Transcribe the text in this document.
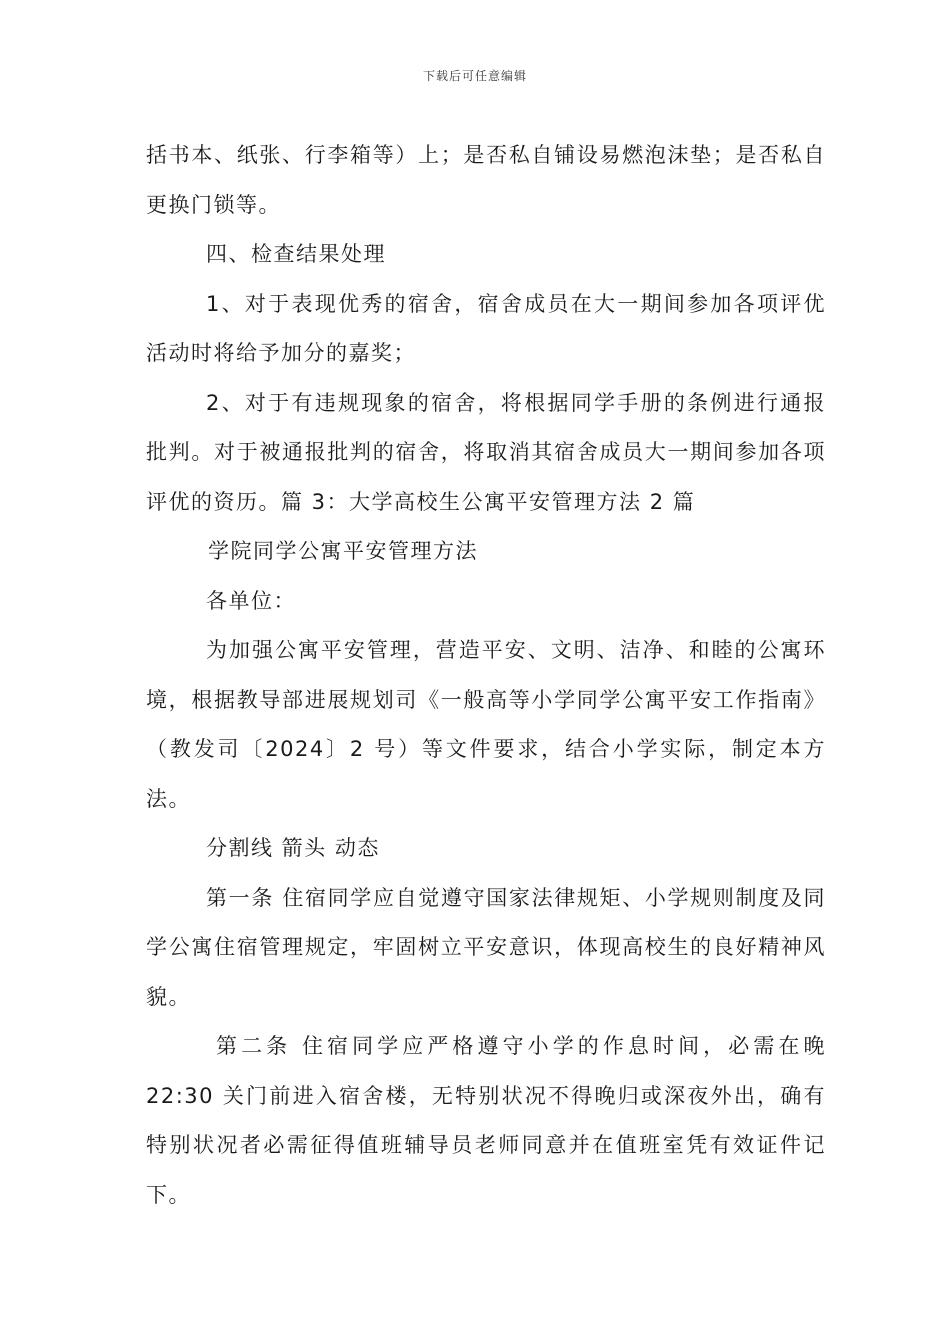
下载后可任意编辑

括书本、纸张、行李箱等）上；是否私自铺设易燃泡沫垫；是否私自更换门锁等。

四、检查结果处理

1、对于表现优秀的宿舍，宿舍成员在大一期间参加各项评优活动时将给予加分的嘉奖；

2、对于有违规现象的宿舍，将根据同学手册的条例进行通报批判。对于被通报批判的宿舍，将取消其宿舍成员大一期间参加各项评优的资历。篇 3：大学高校生公寓平安管理方法 2 篇

学院同学公寓平安管理方法

各单位：

为加强公寓平安管理，营造平安、文明、洁净、和睦的公寓环境，根据教导部进展规划司《一般高等小学同学公寓平安工作指南》（教发司〔2024〕2 号）等文件要求，结合小学实际，制定本方法。

分割线 箭头 动态

第一条 住宿同学应自觉遵守国家法律规矩、小学规则制度及同学公寓住宿管理规定，牢固树立平安意识，体现高校生的良好精神风貌。

第二条 住宿同学应严格遵守小学的作息时间，必需在晚 22:30 关门前进入宿舍楼，无特别状况不得晚归或深夜外出，确有特别状况者必需征得值班辅导员老师同意并在值班室凭有效证件记下。
